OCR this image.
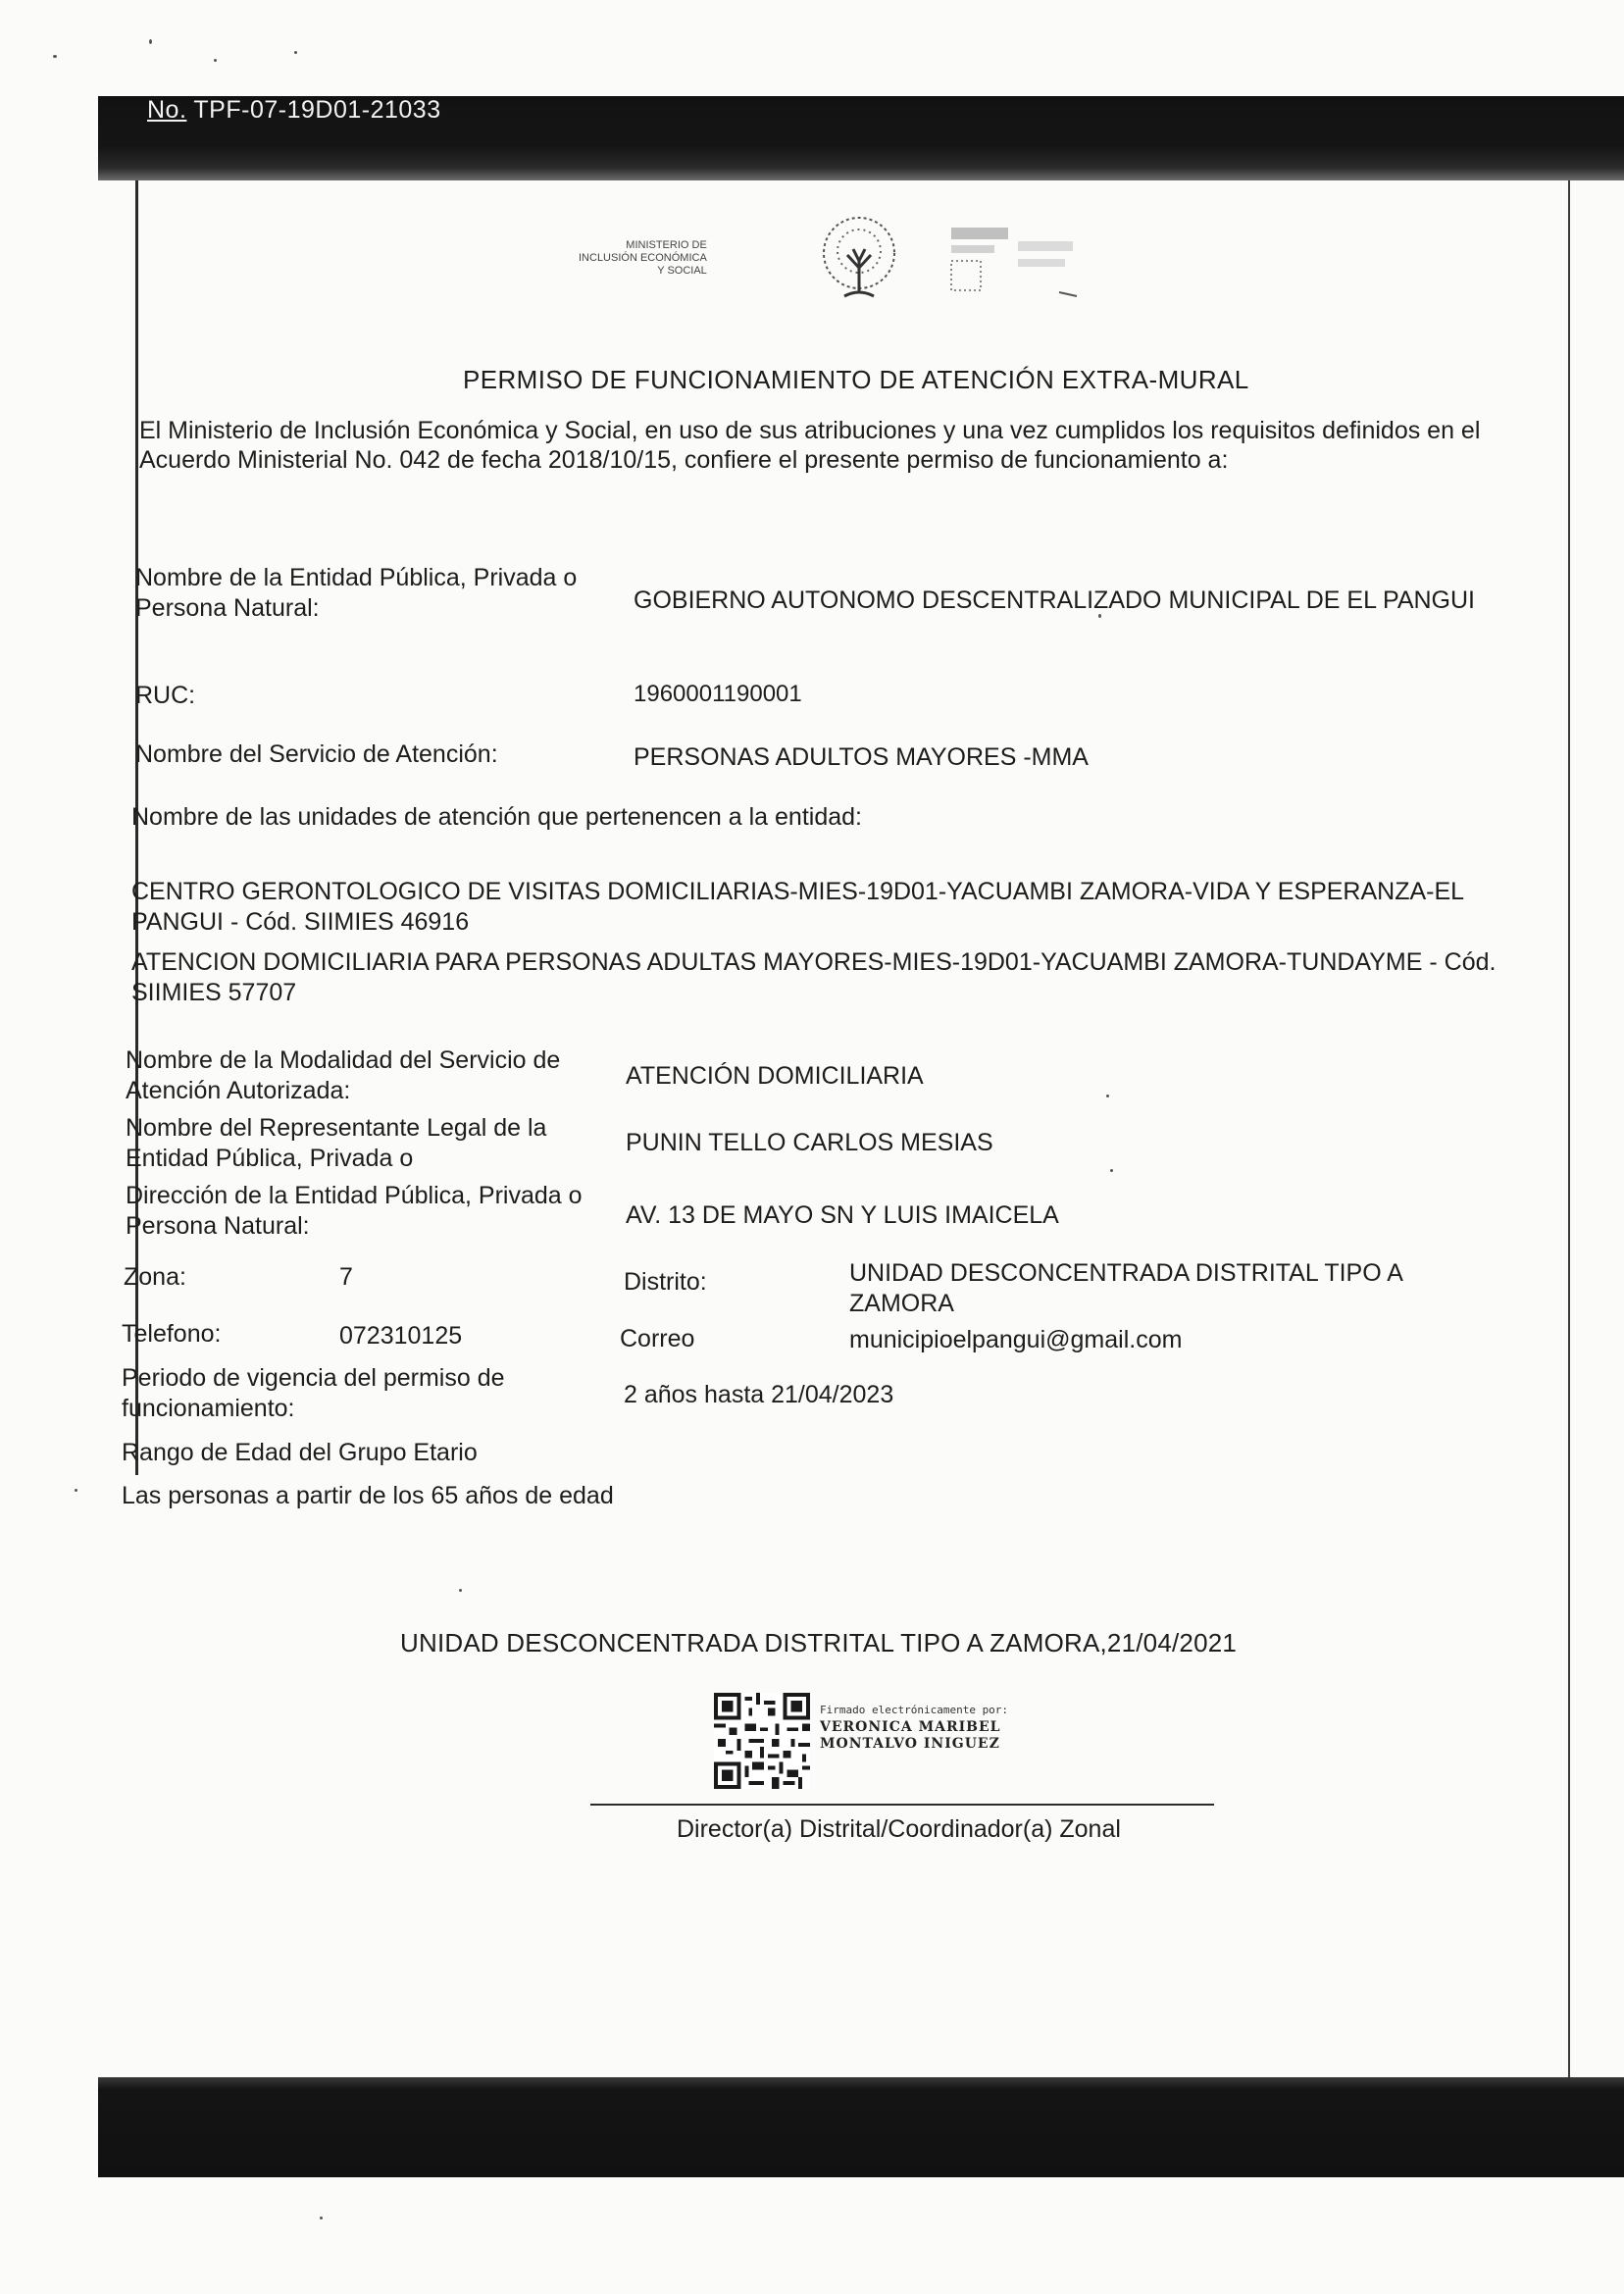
No. TPF-07-19D01-21033
MINISTERIO DE
INCLUSIÓN ECONÓMICA
Y SOCIAL
PERMISO DE FUNCIONAMIENTO DE ATENCIÓN EXTRA-MURAL
El Ministerio de Inclusión Económica y Social, en uso de sus atribuciones y una vez cumplidos los requisitos definidos en el Acuerdo Ministerial No. 042 de fecha 2018/10/15, confiere el presente permiso de funcionamiento a:
Nombre de la Entidad Pública, Privada o Persona Natural:	GOBIERNO AUTONOMO DESCENTRALIZADO MUNICIPAL DE EL PANGUI
RUC:	1960001190001
Nombre del Servicio de Atención:	PERSONAS ADULTOS MAYORES -MMA
Nombre de las unidades de atención que pertenencen a la entidad:
CENTRO GERONTOLOGICO DE VISITAS DOMICILIARIAS-MIES-19D01-YACUAMBI ZAMORA-VIDA Y ESPERANZA-EL PANGUI - Cód. SIIMIES 46916
ATENCION DOMICILIARIA PARA PERSONAS ADULTAS MAYORES-MIES-19D01-YACUAMBI ZAMORA-TUNDAYME - Cód. SIIMIES 57707
Nombre de la Modalidad del Servicio de Atención Autorizada:
ATENCIÓN DOMICILIARIA
Nombre del Representante Legal de la Entidad Pública, Privada o
PUNIN TELLO CARLOS MESIAS
Dirección de la Entidad Pública, Privada o Persona Natural:	AV. 13 DE MAYO SN Y LUIS IMAICELA
Zona:	7	Distrito:	UNIDAD DESCONCENTRADA DISTRITAL TIPO A ZAMORA
Telefono:	072310125	Correo	municipioelpangui@gmail.com
Periodo de vigencia del permiso de funcionamiento:	2 años hasta 21/04/2023
Rango de Edad del Grupo Etario
Las personas a partir de los 65 años de edad
UNIDAD DESCONCENTRADA DISTRITAL TIPO A ZAMORA,21/04/2021
Firmado electrónicamente por:
VERONICA MARIBEL
MONTALVO INIGUEZ
Director(a) Distrital/Coordinador(a) Zonal
